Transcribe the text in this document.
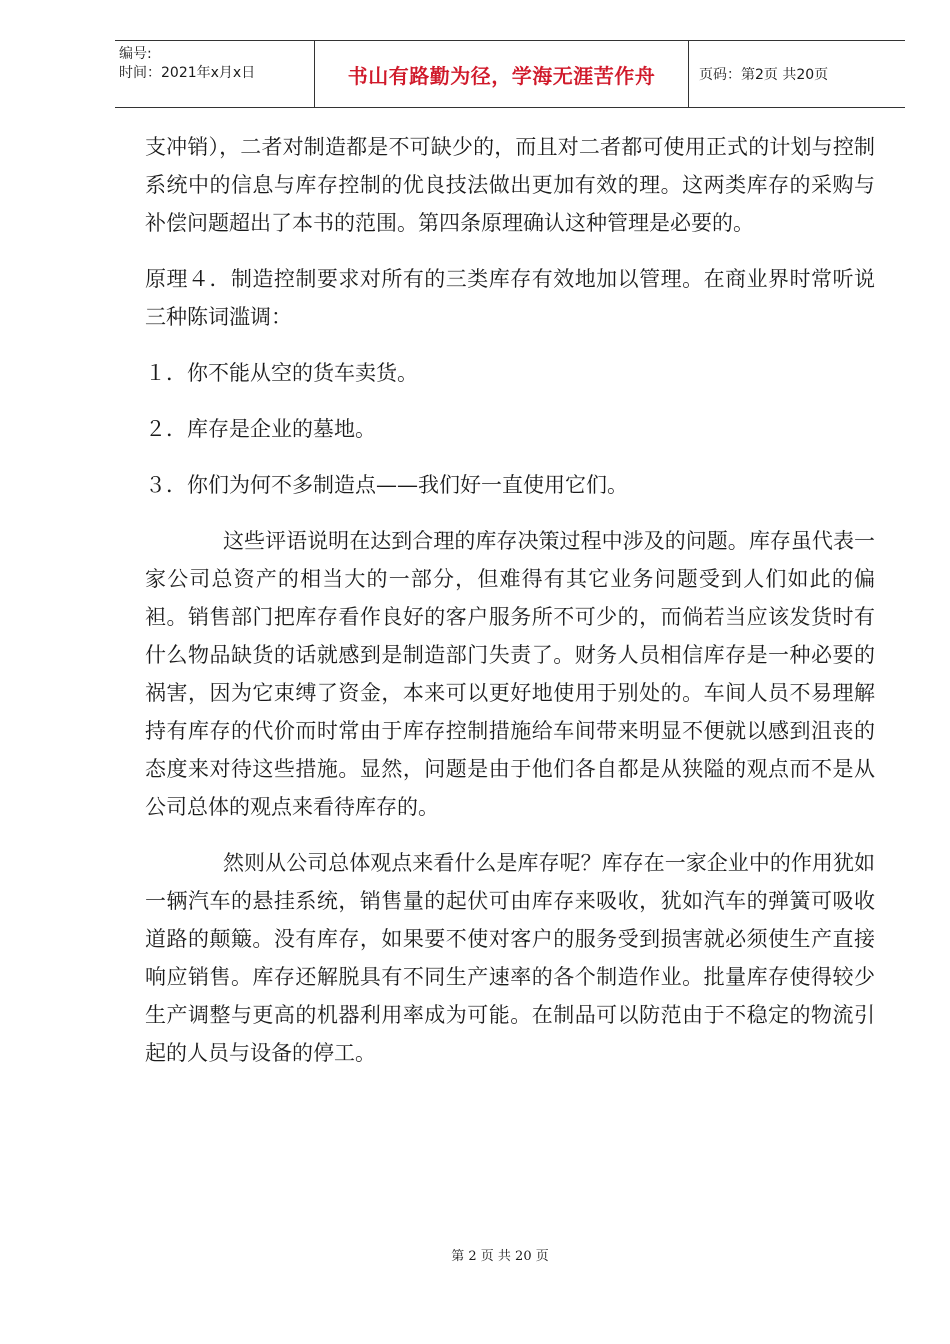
编号:
时间：2021年x月x日	书山有路勤为径，学海无涯苦作舟	页码：第2页 共20页

支冲销），二者对制造都是不可缺少的，而且对二者都可使用正式的计划与控制系统中的信息与库存控制的优良技法做出更加有效的理。这两类库存的采购与补偿问题超出了本书的范围。第四条原理确认这种管理是必要的。

原理４．制造控制要求对所有的三类库存有效地加以管理。在商业界时常听说三种陈词滥调：

１．你不能从空的货车卖货。

２．库存是企业的墓地。

３．你们为何不多制造点——我们好一直使用它们。

这些评语说明在达到合理的库存决策过程中涉及的问题。库存虽代表一家公司总资产的相当大的一部分，但难得有其它业务问题受到人们如此的偏袒。销售部门把库存看作良好的客户服务所不可少的，而倘若当应该发货时有什么物品缺货的话就感到是制造部门失责了。财务人员相信库存是一种必要的祸害，因为它束缚了资金，本来可以更好地使用于别处的。车间人员不易理解持有库存的代价而时常由于库存控制措施给车间带来明显不便就以感到沮丧的态度来对待这些措施。显然，问题是由于他们各自都是从狭隘的观点而不是从公司总体的观点来看待库存的。

然则从公司总体观点来看什么是库存呢？库存在一家企业中的作用犹如一辆汽车的悬挂系统，销售量的起伏可由库存来吸收，犹如汽车的弹簧可吸收道路的颠簸。没有库存，如果要不使对客户的服务受到损害就必须使生产直接响应销售。库存还解脱具有不同生产速率的各个制造作业。批量库存使得较少生产调整与更高的机器利用率成为可能。在制品可以防范由于不稳定的物流引起的人员与设备的停工。

第 2 页 共 20 页
